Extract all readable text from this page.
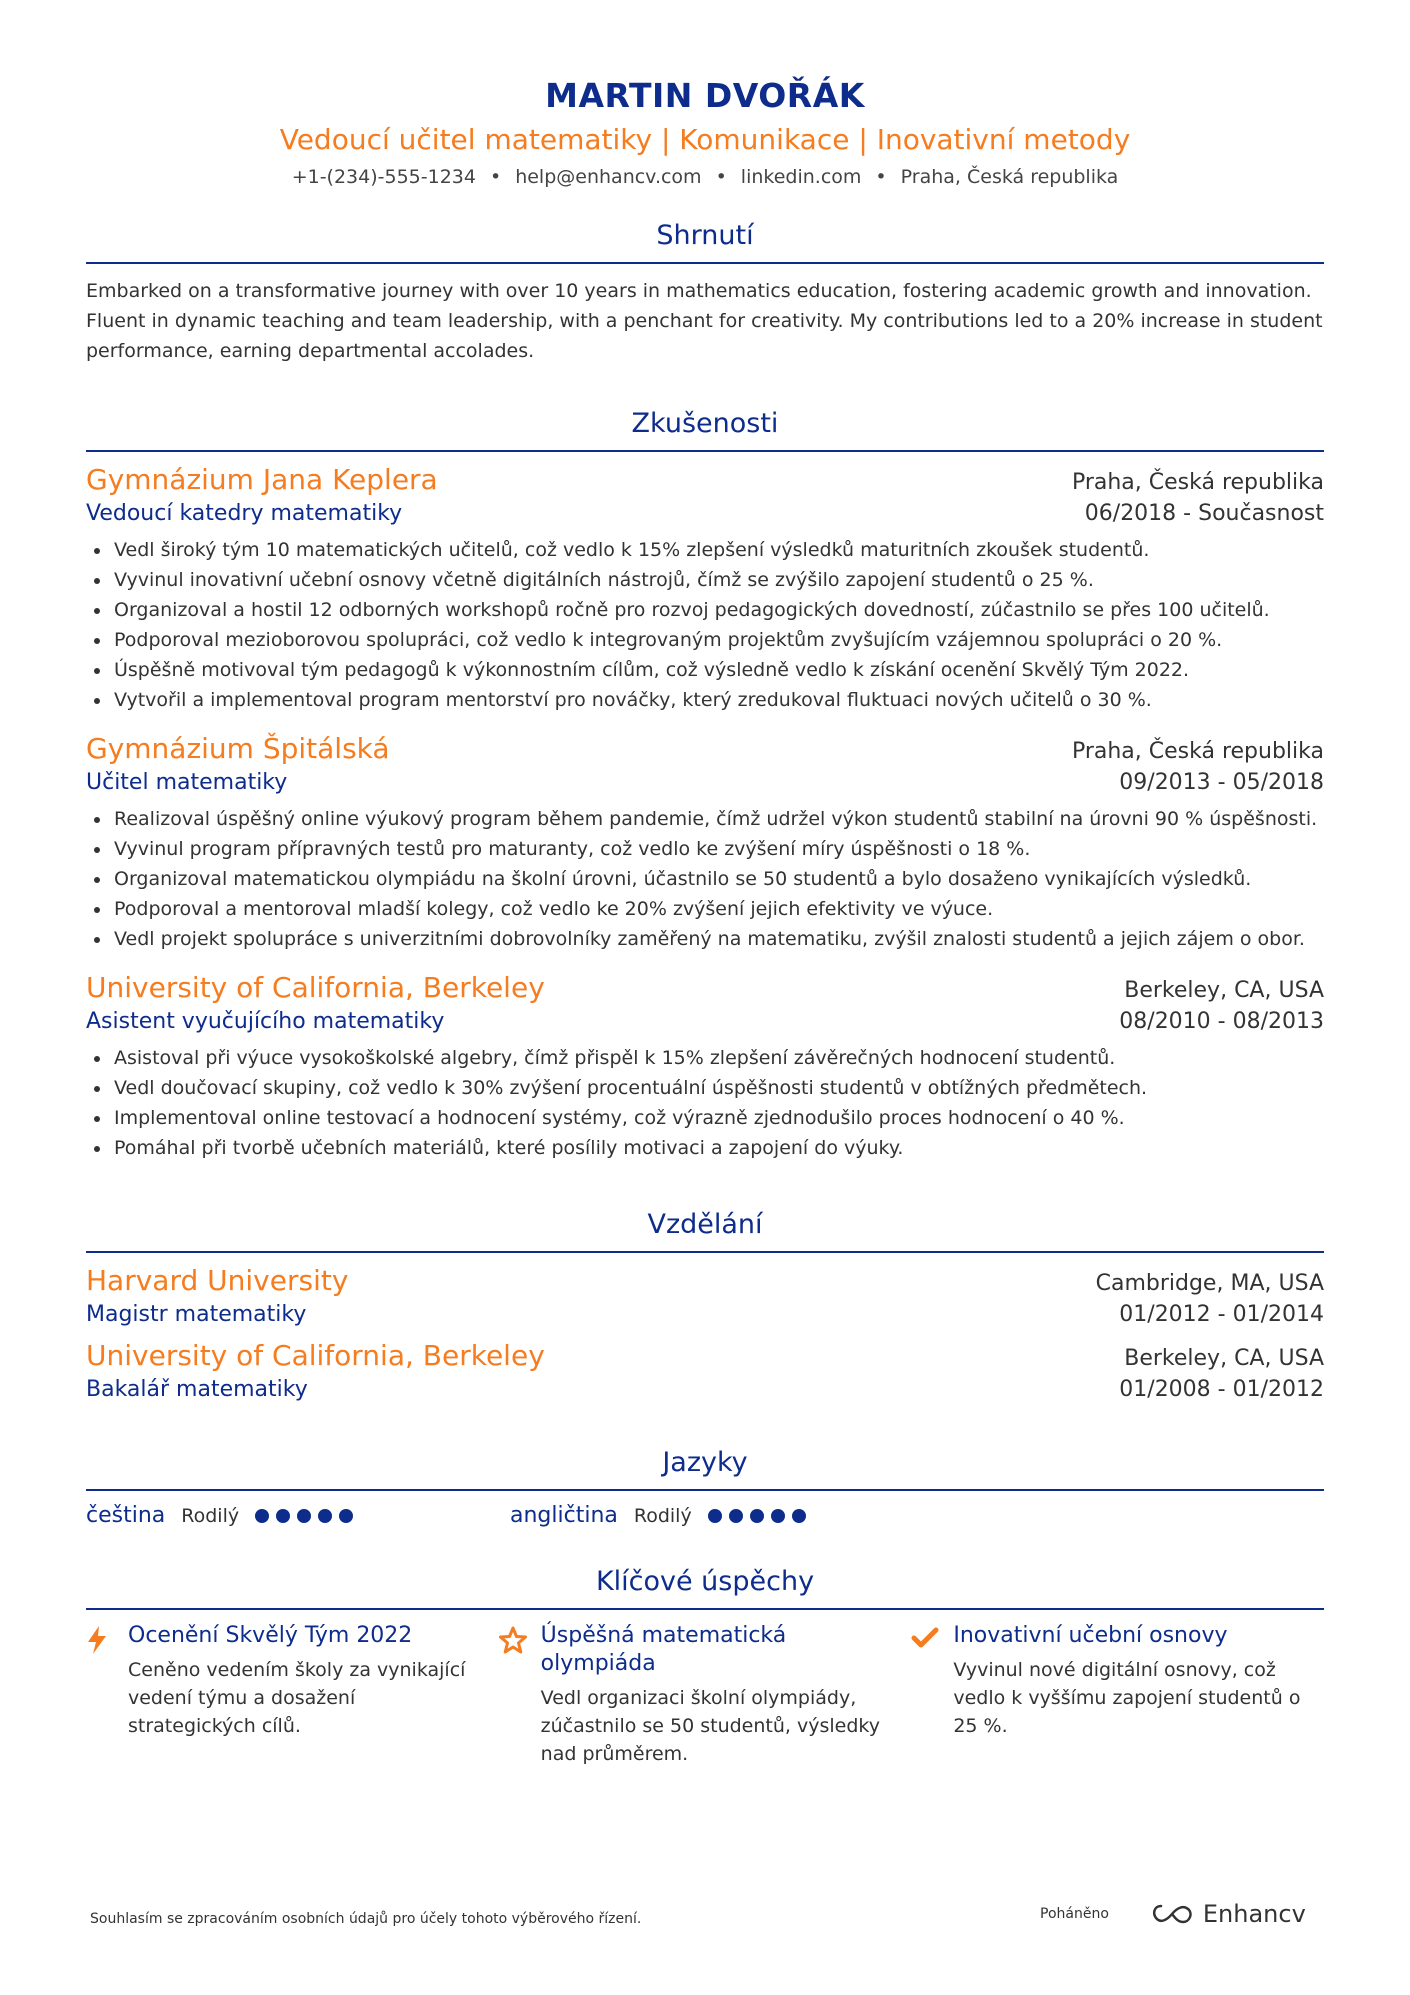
MARTIN DVOŘÁK
Vedoucí učitel matematiky | Komunikace | Inovativní metody
+1-(234)-555-1234 • help@enhancv.com • linkedin.com • Praha, Česká republika
Shrnutí
Embarked on a transformative journey with over 10 years in mathematics education, fostering academic growth and innovation. Fluent in dynamic teaching and team leadership, with a penchant for creativity. My contributions led to a 20% increase in student performance, earning departmental accolades.
Zkušenosti
Gymnázium Jana Keplera	Praha, Česká republika
Vedoucí katedry matematiky	06/2018 - Současnost
Vedl široký tým 10 matematických učitelů, což vedlo k 15% zlepšení výsledků maturitních zkoušek studentů.
Vyvinul inovativní učební osnovy včetně digitálních nástrojů, čímž se zvýšilo zapojení studentů o 25 %.
Organizoval a hostil 12 odborných workshopů ročně pro rozvoj pedagogických dovedností, zúčastnilo se přes 100 učitelů.
Podporoval mezioborovou spolupráci, což vedlo k integrovaným projektům zvyšujícím vzájemnou spolupráci o 20 %.
Úspěšně motivoval tým pedagogů k výkonnostním cílům, což výsledně vedlo k získání ocenění Skvělý Tým 2022.
Vytvořil a implementoval program mentorství pro nováčky, který zredukoval fluktuaci nových učitelů o 30 %.
Gymnázium Špitálská	Praha, Česká republika
Učitel matematiky	09/2013 - 05/2018
Realizoval úspěšný online výukový program během pandemie, čímž udržel výkon studentů stabilní na úrovni 90 % úspěšnosti.
Vyvinul program přípravných testů pro maturanty, což vedlo ke zvýšení míry úspěšnosti o 18 %.
Organizoval matematickou olympiádu na školní úrovni, účastnilo se 50 studentů a bylo dosaženo vynikajících výsledků.
Podporoval a mentoroval mladší kolegy, což vedlo ke 20% zvýšení jejich efektivity ve výuce.
Vedl projekt spolupráce s univerzitními dobrovolníky zaměřený na matematiku, zvýšil znalosti studentů a jejich zájem o obor.
University of California, Berkeley	Berkeley, CA, USA
Asistent vyučujícího matematiky	08/2010 - 08/2013
Asistoval při výuce vysokoškolské algebry, čímž přispěl k 15% zlepšení závěrečných hodnocení studentů.
Vedl doučovací skupiny, což vedlo k 30% zvýšení procentuální úspěšnosti studentů v obtížných předmětech.
Implementoval online testovací a hodnocení systémy, což výrazně zjednodušilo proces hodnocení o 40 %.
Pomáhal při tvorbě učebních materiálů, které posílily motivaci a zapojení do výuky.
Vzdělání
Harvard University	Cambridge, MA, USA
Magistr matematiky	01/2012 - 01/2014
University of California, Berkeley	Berkeley, CA, USA
Bakalář matematiky	01/2008 - 01/2012
Jazyky
čeština Rodilý	angličtina Rodilý
Klíčové úspěchy
Ocenění Skvělý Tým 2022
Ceněno vedením školy za vynikající vedení týmu a dosažení strategických cílů.
Úspěšná matematická olympiáda
Vedl organizaci školní olympiády, zúčastnilo se 50 studentů, výsledky nad průměrem.
Inovativní učební osnovy
Vyvinul nové digitální osnovy, což vedlo k vyššímu zapojení studentů o 25 %.
Souhlasím se zpracováním osobních údajů pro účely tohoto výběrového řízení.	Poháněno	Enhancv
